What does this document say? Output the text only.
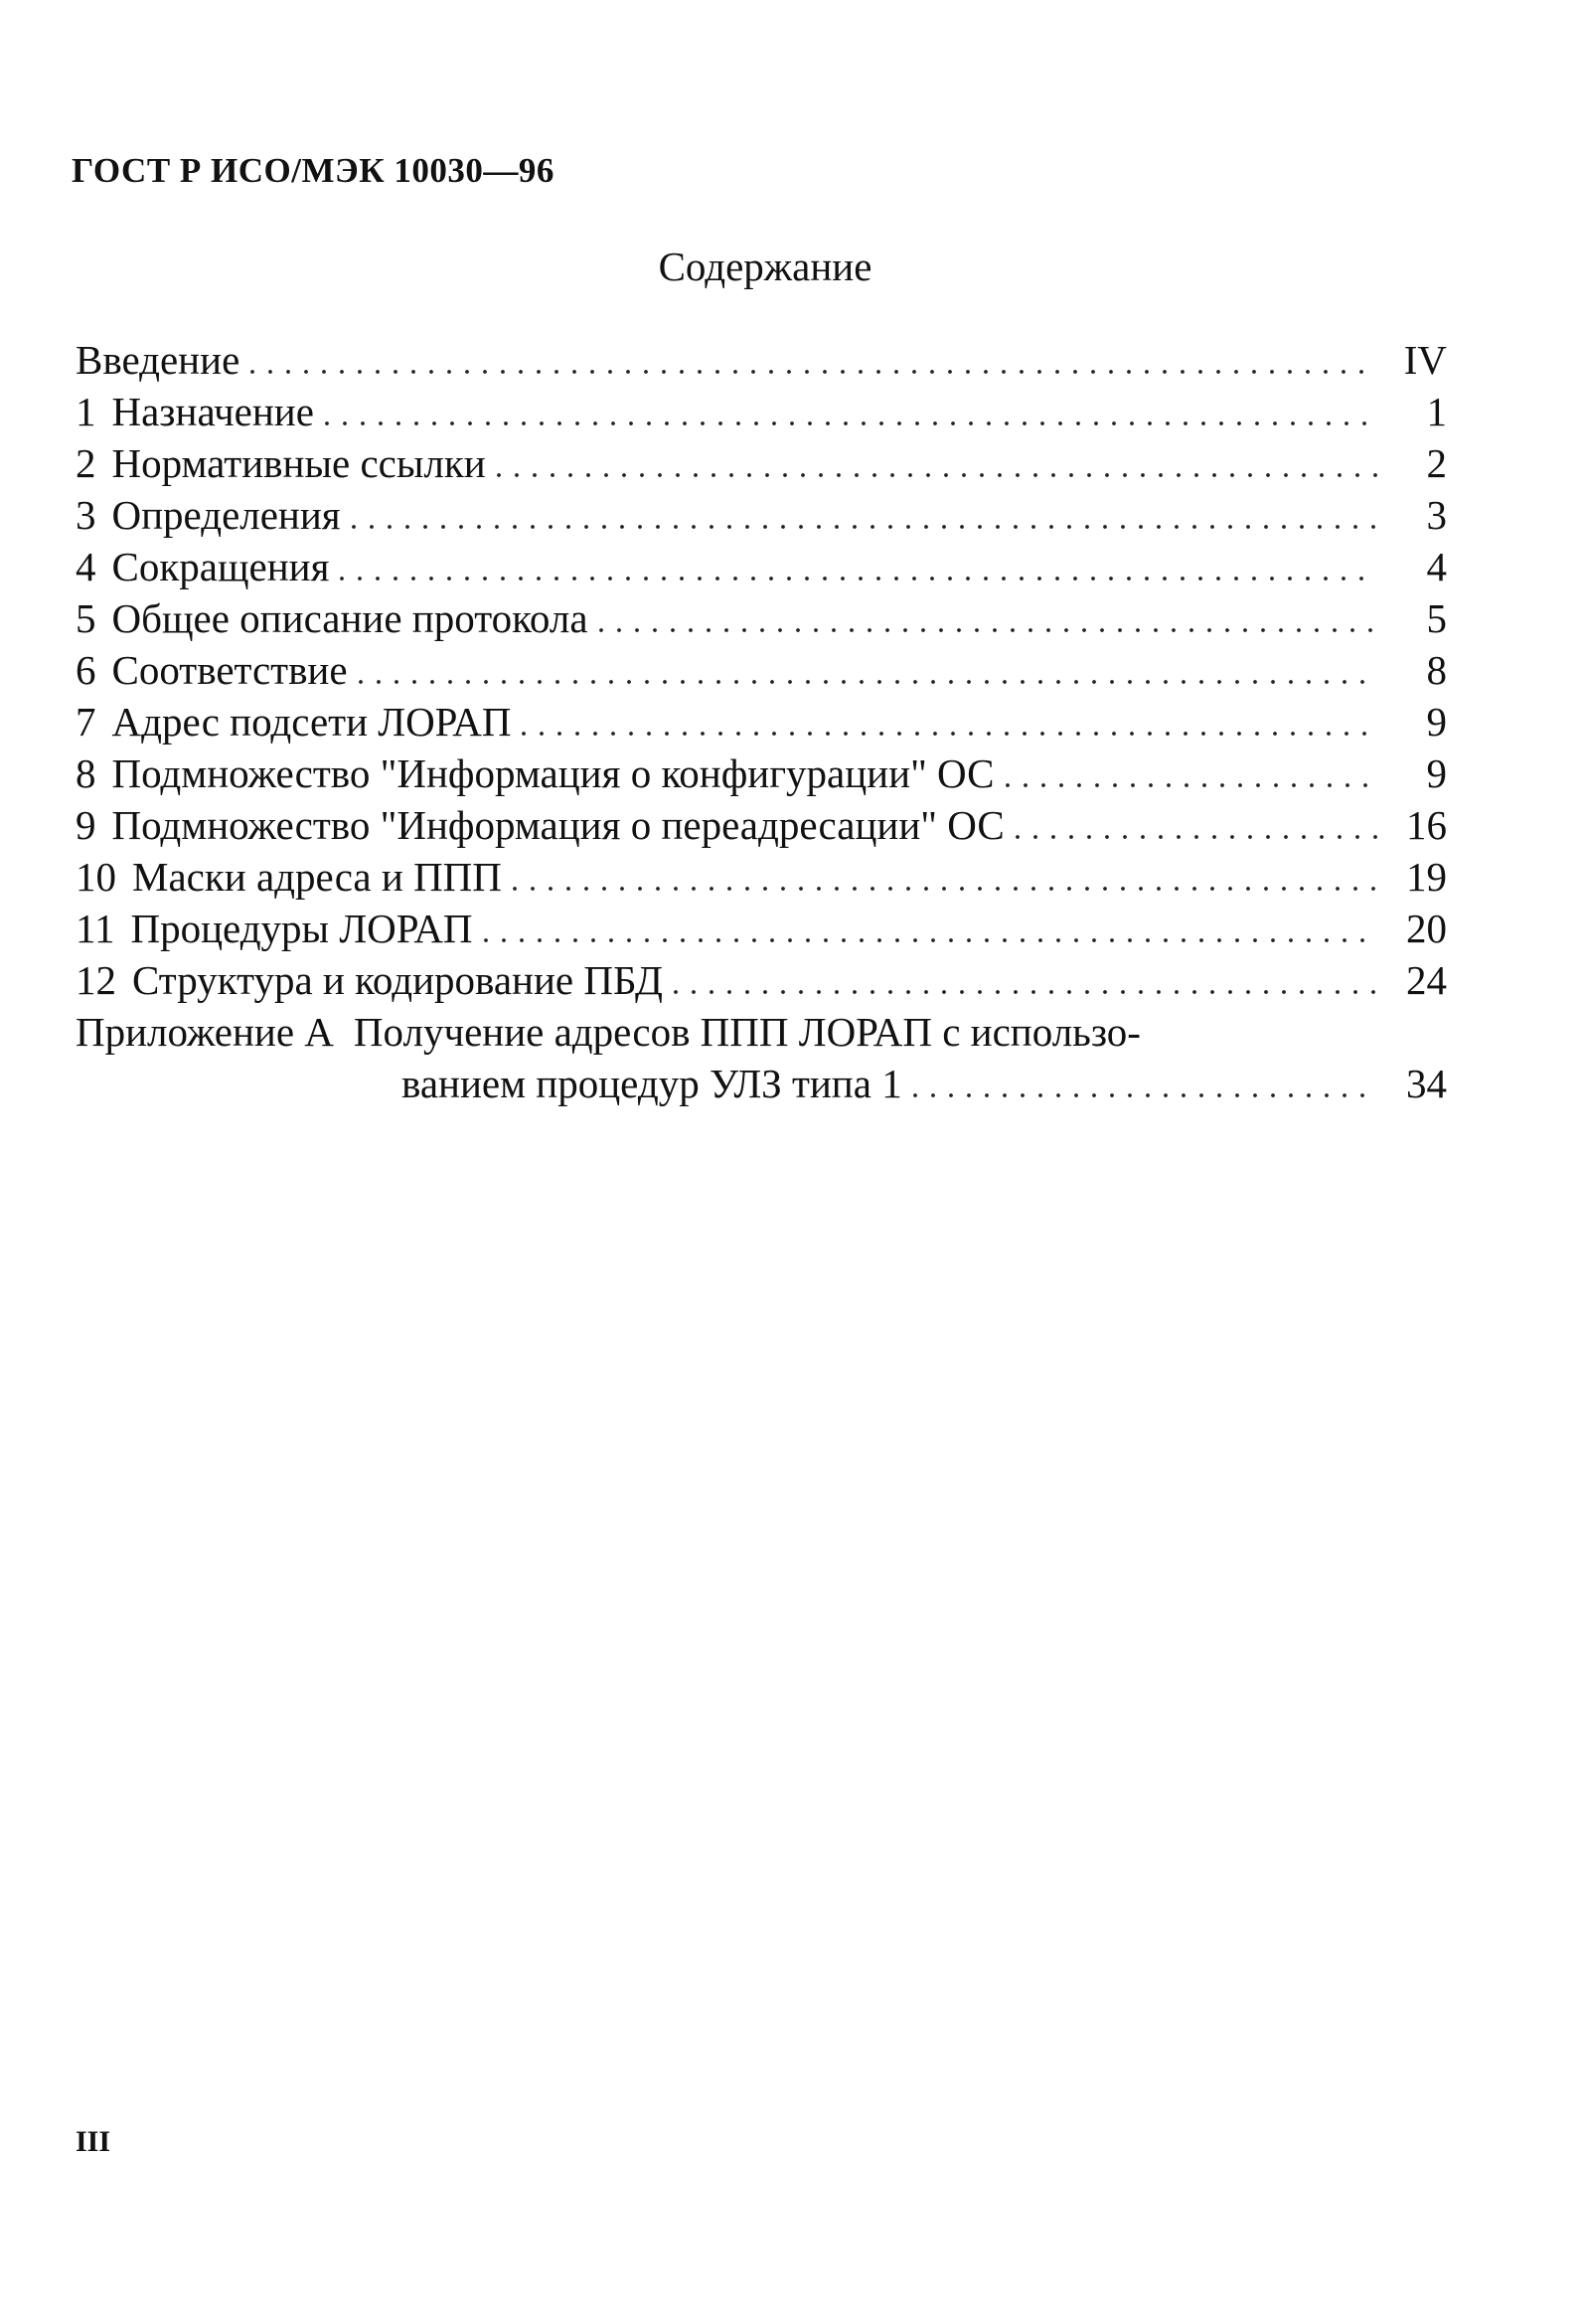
ГОСТ Р ИСО/МЭК 10030—96
Содержание
Введение	IV
1 Назначение	1
2 Нормативные ссылки	2
3 Определения	3
4 Сокращения	4
5 Общее описание протокола	5
6 Соответствие	8
7 Адрес подсети ЛОРАП	9
8 Подмножество "Информация о конфигурации" ОС	9
9 Подмножество "Информация о переадресации" ОС	16
10 Маски адреса и ППП	19
11 Процедуры ЛОРАП	20
12 Структура и кодирование ПБД	24
Приложение А Получение адресов ППП ЛОРАП с использо-
ванием процедур УЛЗ типа 1	34
III
